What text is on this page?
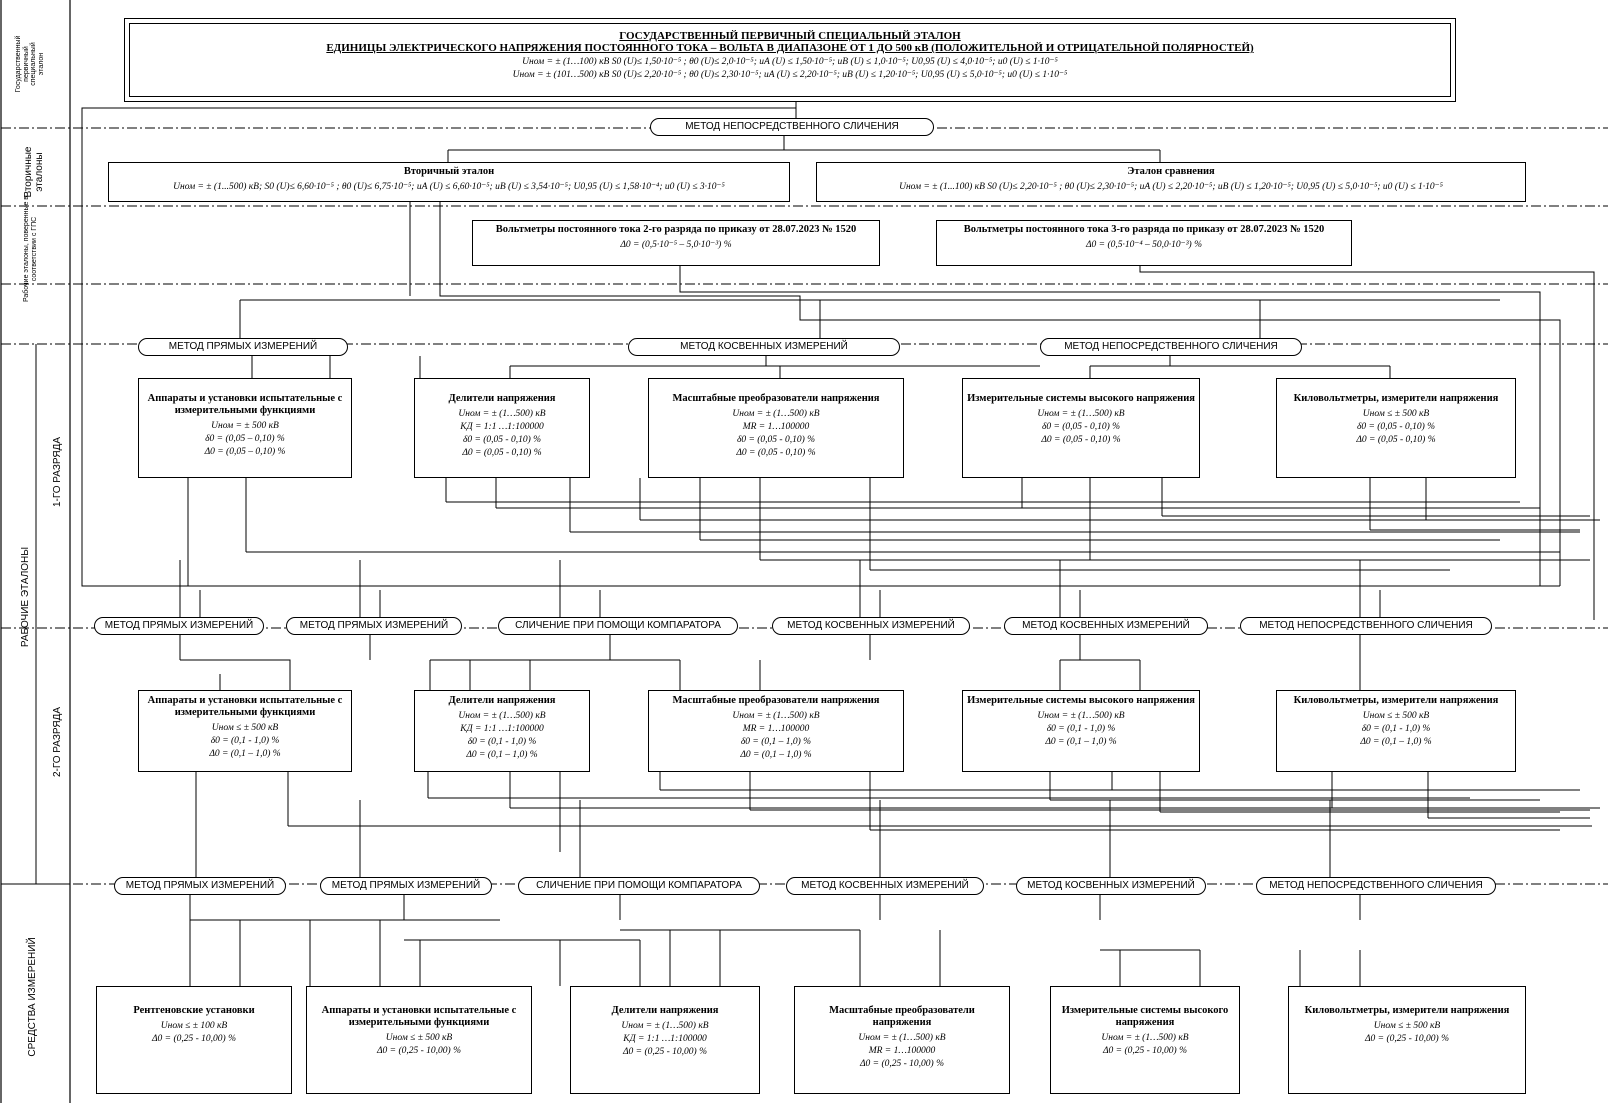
Государственный
первичный
специальный
эталон
Вторичные
эталоны
Рабочие эталоны, поверенные в соответствии с ГПС
РАБОЧИЕ ЭТАЛОНЫ
1-ГО РАЗРЯДА
2-ГО РАЗРЯДА
СРЕДСТВА ИЗМЕРЕНИЙ
ГОСУДАРСТВЕННЫЙ ПЕРВИЧНЫЙ СПЕЦИАЛЬНЫЙ ЭТАЛОН
ЕДИНИЦЫ ЭЛЕКТРИЧЕСКОГО НАПРЯЖЕНИЯ ПОСТОЯННОГО ТОКА – ВОЛЬТА В ДИАПАЗОНЕ ОТ 1 ДО 500 кВ (ПОЛОЖИТЕЛЬНОЙ И ОТРИЦАТЕЛЬНОЙ ПОЛЯРНОСТЕЙ)
Uном = ± (1…100) кВ S0 (U)≤ 1,50·10⁻⁵ ; θ0 (U)≤ 2,0·10⁻⁵; uA (U) ≤ 1,50·10⁻⁵; uB (U) ≤ 1,0·10⁻⁵; U0,95 (U) ≤ 4,0·10⁻⁵; u0 (U) ≤ 1·10⁻⁵
Uном = ± (101…500) кВ S0 (U)≤ 2,20·10⁻⁵ ; θ0 (U)≤ 2,30·10⁻⁵; uA (U) ≤ 2,20·10⁻⁵; uB (U) ≤ 1,20·10⁻⁵; U0,95 (U) ≤ 5,0·10⁻⁵; u0 (U) ≤ 1·10⁻⁵
МЕТОД НЕПОСРЕДСТВЕННОГО СЛИЧЕНИЯ
МЕТОД ПРЯМЫХ ИЗМЕРЕНИЙ	МЕТОД КОСВЕННЫХ ИЗМЕРЕНИЙ	МЕТОД НЕПОСРЕДСТВЕННОГО СЛИЧЕНИЯ
МЕТОД ПРЯМЫХ ИЗМЕРЕНИЙ	МЕТОД ПРЯМЫХ ИЗМЕРЕНИЙ	СЛИЧЕНИЕ ПРИ ПОМОЩИ КОМПАРАТОРА	МЕТОД КОСВЕННЫХ ИЗМЕРЕНИЙ	МЕТОД КОСВЕННЫХ ИЗМЕРЕНИЙ	МЕТОД НЕПОСРЕДСТВЕННОГО СЛИЧЕНИЯ
МЕТОД ПРЯМЫХ ИЗМЕРЕНИЙ	МЕТОД ПРЯМЫХ ИЗМЕРЕНИЙ	СЛИЧЕНИЕ ПРИ ПОМОЩИ КОМПАРАТОРА	МЕТОД КОСВЕННЫХ ИЗМЕРЕНИЙ	МЕТОД КОСВЕННЫХ ИЗМЕРЕНИЙ	МЕТОД НЕПОСРЕДСТВЕННОГО СЛИЧЕНИЯ
Вторичный эталон
Uном = ± (1...500) кВ; S0 (U)≤ 6,60·10⁻⁵ ; θ0 (U)≤ 6,75·10⁻⁵; uA (U) ≤ 6,60·10⁻⁵; uB (U) ≤ 3,54·10⁻⁵; U0,95 (U) ≤ 1,58·10⁻⁴; u0 (U) ≤ 3·10⁻⁵
Эталон сравнения
Uном = ± (1...100) кВ S0 (U)≤ 2,20·10⁻⁵ ; θ0 (U)≤ 2,30·10⁻⁵; uA (U) ≤ 2,20·10⁻⁵; uB (U) ≤ 1,20·10⁻⁵; U0,95 (U) ≤ 5,0·10⁻⁵; u0 (U) ≤ 1·10⁻⁵
Вольтметры постоянного тока 2-го разряда по приказу от 28.07.2023 № 1520
Δ0 = (0,5·10⁻⁵ – 5,0·10⁻³) %
Вольтметры постоянного тока 3-го разряда по приказу от 28.07.2023 № 1520
Δ0 = (0,5·10⁻⁴ – 50,0·10⁻³) %
Аппараты и установки испытательные с измерительными функциями
Uном = ± 500 кВ
δ0 = (0,05 – 0,10) %
Δ0 = (0,05 – 0,10) %
Делители напряжения
Uном = ± (1…500) кВ
KД = 1:1 …1:100000
δ0 = (0,05 - 0,10) %
Δ0 = (0,05 - 0,10) %
Масштабные преобразователи напряжения
Uном = ± (1…500) кВ
MR = 1…100000
δ0 = (0,05 - 0,10) %
Δ0 = (0,05 - 0,10) %
Измерительные системы высокого напряжения
Uном = ± (1…500) кВ
δ0 = (0,05 - 0,10) %
Δ0 = (0,05 - 0,10) %
Киловольтметры, измерители напряжения
Uном ≤ ± 500 кВ
δ0 = (0,05 - 0,10) %
Δ0 = (0,05 - 0,10) %
Аппараты и установки испытательные с измерительными функциями
Uном ≤ ± 500 кВ
δ0 = (0,1 - 1,0) %
Δ0 = (0,1 – 1,0) %
Делители напряжения
Uном = ± (1…500) кВ
KД = 1:1 …1:100000
δ0 = (0,1 - 1,0) %
Δ0 = (0,1 – 1,0) %
Масштабные преобразователи напряжения
Uном = ± (1…500) кВ
MR = 1…100000
δ0 = (0,1 – 1,0) %
Δ0 = (0,1 – 1,0) %
Измерительные системы высокого напряжения
Uном = ± (1…500) кВ
δ0 = (0,1 - 1,0) %
Δ0 = (0,1 – 1,0) %
Киловольтметры, измерители напряжения
Uном ≤ ± 500 кВ
δ0 = (0,1 - 1,0) %
Δ0 = (0,1 – 1,0) %
Рентгеновские установки
Uном ≤ ± 100 кВ
Δ0 = (0,25 - 10,00) %
Аппараты и установки испытательные с измерительными функциями
Uном ≤ ± 500 кВ
Δ0 = (0,25 - 10,00) %
Делители напряжения
Uном = ± (1…500) кВ
KД = 1:1 …1:100000
Δ0 = (0,25 - 10,00) %
Масштабные преобразователи напряжения
Uном = ± (1…500) кВ
MR = 1…100000
Δ0 = (0,25 - 10,00) %
Измерительные системы высокого напряжения
Uном = ± (1…500) кВ
Δ0 = (0,25 - 10,00) %
Киловольтметры, измерители напряжения
Uном ≤ ± 500 кВ
Δ0 = (0,25 - 10,00) %
